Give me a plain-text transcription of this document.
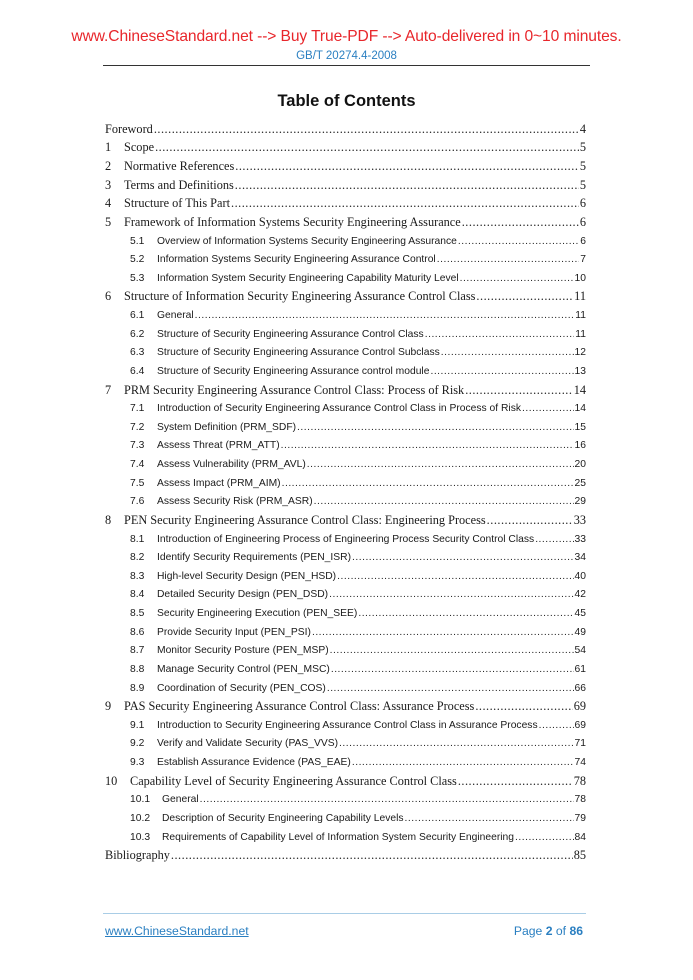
www.ChineseStandard.net --> Buy True-PDF --> Auto-delivered in 0~10 minutes.
GB/T 20274.4-2008
Table of Contents
Foreword .....	4
1	Scope .....	5
2	Normative References .....	5
3	Terms and Definitions .....	5
4	Structure of This Part .....	6
5	Framework of Information Systems Security Engineering Assurance .....	6
5.1	Overview of Information Systems Security Engineering Assurance .....	6
5.2	Information Systems Security Engineering Assurance Control .....	7
5.3	Information System Security Engineering Capability Maturity Level .....	10
6	Structure of Information Security Engineering Assurance Control Class .....	11
6.1	General .....	11
6.2	Structure of Security Engineering Assurance Control Class .....	11
6.3	Structure of Security Engineering Assurance Control Subclass .....	12
6.4	Structure of Security Engineering Assurance control module .....	13
7	PRM Security Engineering Assurance Control Class: Process of Risk .....	14
7.1	Introduction of Security Engineering Assurance Control Class in Process of Risk .....	14
7.2	System Definition (PRM_SDF) .....	15
7.3	Assess Threat (PRM_ATT) .....	16
7.4	Assess Vulnerability (PRM_AVL) .....	20
7.5	Assess Impact (PRM_AIM) .....	25
7.6	Assess Security Risk (PRM_ASR) .....	29
8	PEN Security Engineering Assurance Control Class: Engineering Process .....	33
8.1	Introduction of Engineering Process of Engineering Process Security Control Class .....	33
8.2	Identify Security Requirements (PEN_ISR) .....	34
8.3	High-level Security Design (PEN_HSD) .....	40
8.4	Detailed Security Design (PEN_DSD) .....	42
8.5	Security Engineering Execution (PEN_SEE) .....	45
8.6	Provide Security Input (PEN_PSI) .....	49
8.7	Monitor Security Posture (PEN_MSP) .....	54
8.8	Manage Security Control (PEN_MSC) .....	61
8.9	Coordination of Security (PEN_COS) .....	66
9	PAS Security Engineering Assurance Control Class: Assurance Process .....	69
9.1	Introduction to Security Engineering Assurance Control Class in Assurance Process .....	69
9.2	Verify and Validate Security (PAS_VVS) .....	71
9.3	Establish Assurance Evidence (PAS_EAE) .....	74
10	Capability Level of Security Engineering Assurance Control Class .....	78
10.1	General .....	78
10.2	Description of Security Engineering Capability Levels .....	79
10.3	Requirements of Capability Level of Information System Security Engineering .....	84
Bibliography .....	85
www.ChineseStandard.net	Page 2 of 86
